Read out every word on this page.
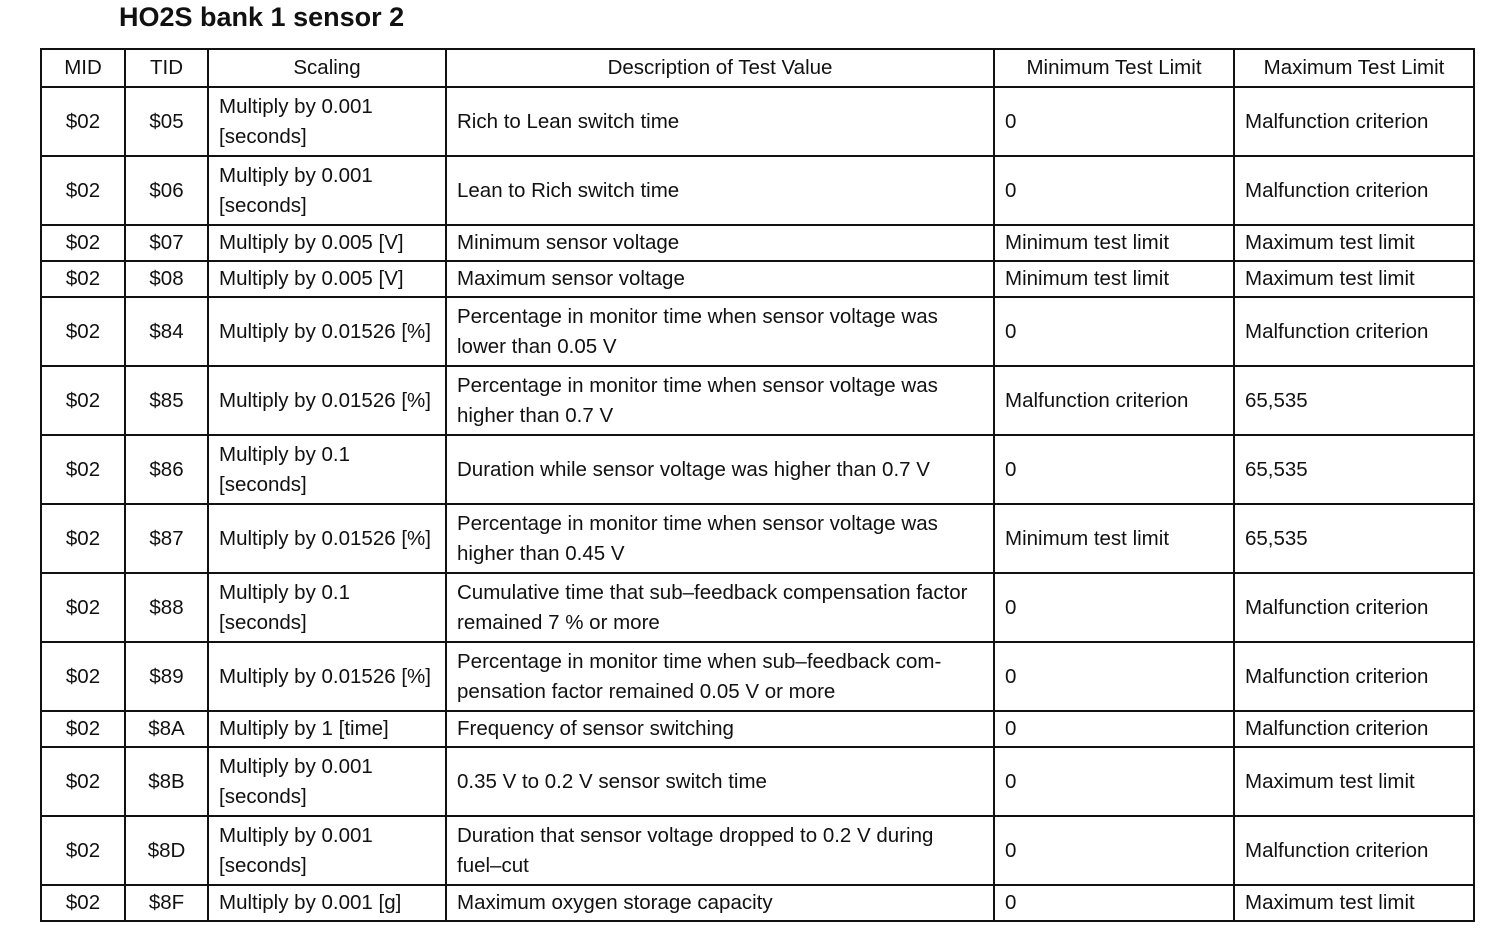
HO2S bank 1 sensor 2
MID	TID	Scaling	Description of Test Value	Minimum Test Limit	Maximum Test Limit
$02	$05	Multiply by 0.001 [seconds]	Rich to Lean switch time	0	Malfunction criterion
$02	$06	Multiply by 0.001 [seconds]	Lean to Rich switch time	0	Malfunction criterion
$02	$07	Multiply by 0.005 [V]	Minimum sensor voltage	Minimum test limit	Maximum test limit
$02	$08	Multiply by 0.005 [V]	Maximum sensor voltage	Minimum test limit	Maximum test limit
$02	$84	Multiply by 0.01526 [%]	Percentage in monitor time when sensor voltage was lower than 0.05 V	0	Malfunction criterion
$02	$85	Multiply by 0.01526 [%]	Percentage in monitor time when sensor voltage was higher than 0.7 V	Malfunction criterion	65,535
$02	$86	Multiply by 0.1 [seconds]	Duration while sensor voltage was higher than 0.7 V	0	65,535
$02	$87	Multiply by 0.01526 [%]	Percentage in monitor time when sensor voltage was higher than 0.45 V	Minimum test limit	65,535
$02	$88	Multiply by 0.1 [seconds]	Cumulative time that sub–feedback compensation factor remained 7 % or more	0	Malfunction criterion
$02	$89	Multiply by 0.01526 [%]	Percentage in monitor time when sub–feedback com-pensation factor remained 0.05 V or more	0	Malfunction criterion
$02	$8A	Multiply by 1 [time]	Frequency of sensor switching	0	Malfunction criterion
$02	$8B	Multiply by 0.001 [seconds]	0.35 V to 0.2 V sensor switch time	0	Maximum test limit
$02	$8D	Multiply by 0.001 [seconds]	Duration that sensor voltage dropped to 0.2 V during fuel–cut	0	Malfunction criterion
$02	$8F	Multiply by 0.001 [g]	Maximum oxygen storage capacity	0	Maximum test limit
